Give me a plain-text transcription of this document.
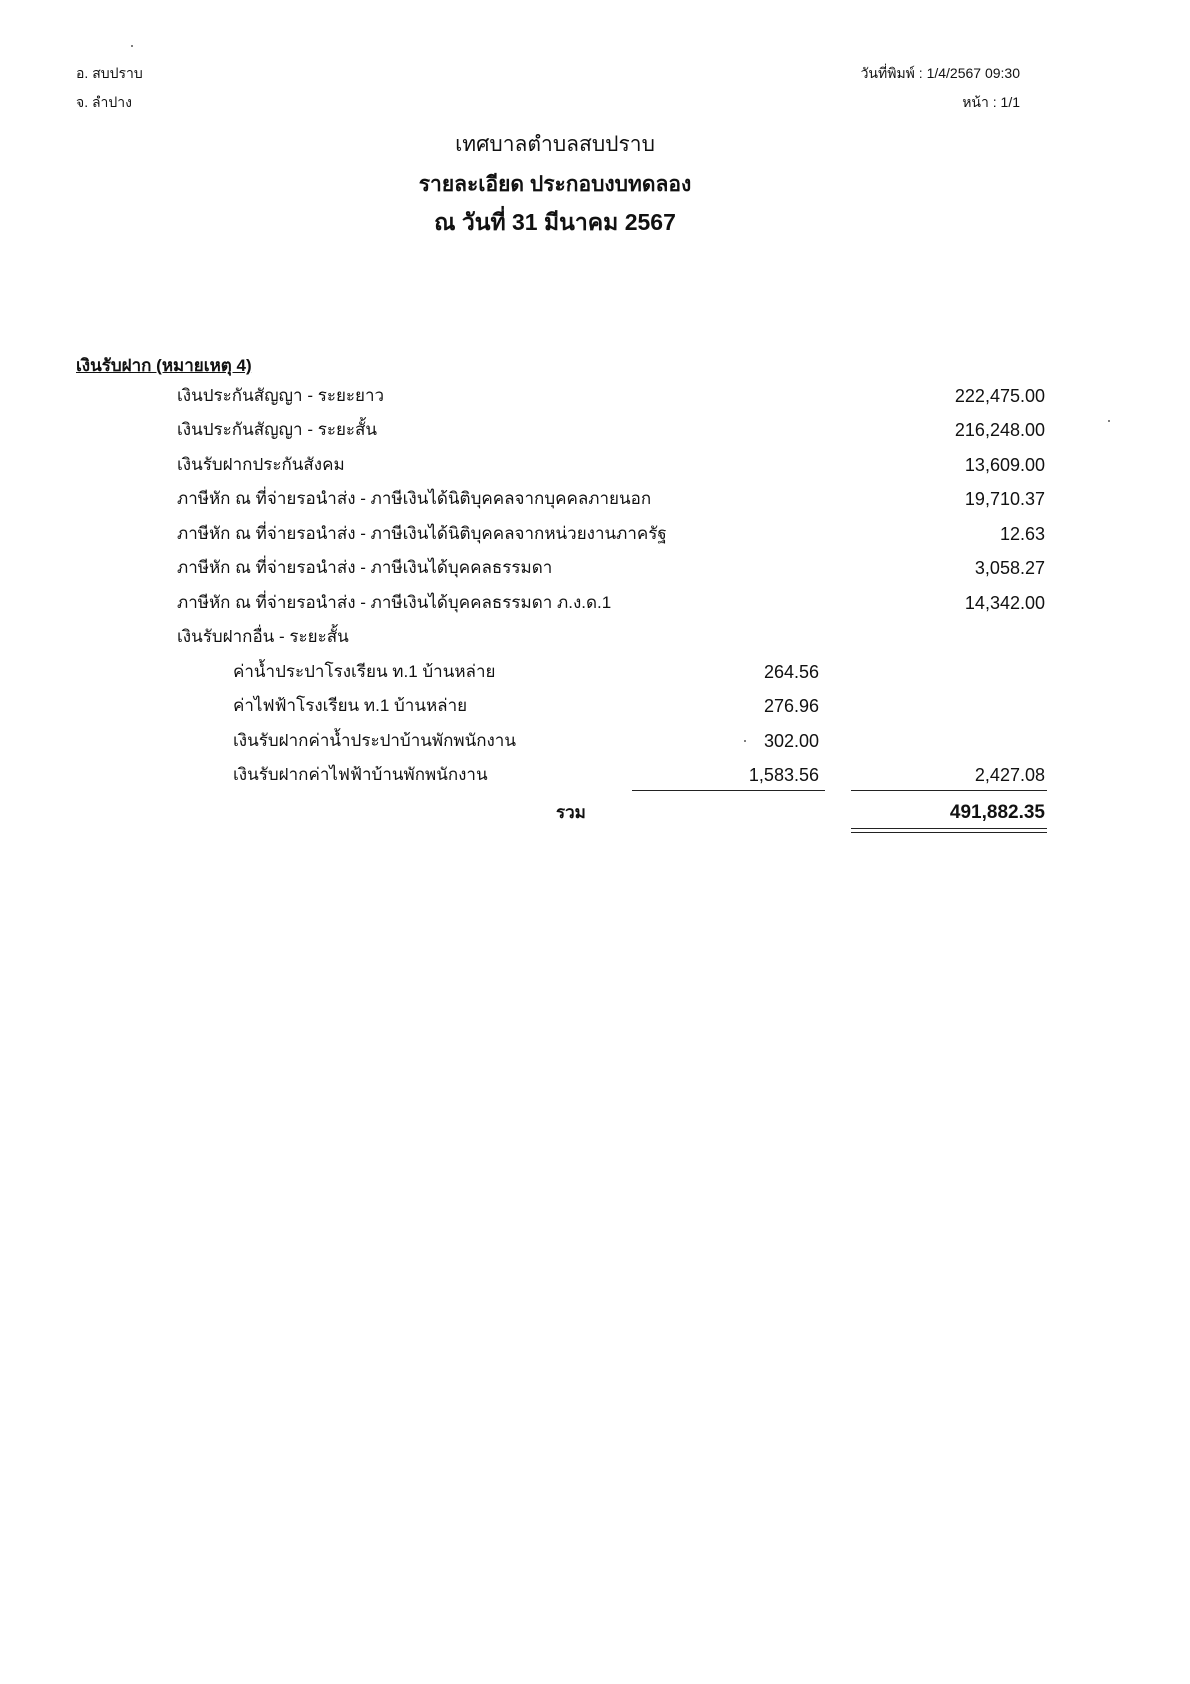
อ. สบปราบ
จ. ลำปาง
วันที่พิมพ์ : 1/4/2567 09:30
หน้า : 1/1
เทศบาลตำบลสบปราบ
รายละเอียด ประกอบงบทดลอง
ณ วันที่ 31 มีนาคม 2567
เงินรับฝาก (หมายเหตุ 4)
เงินประกันสัญญา - ระยะยาว	222,475.00
เงินประกันสัญญา - ระยะสั้น	216,248.00
เงินรับฝากประกันสังคม	13,609.00
ภาษีหัก ณ ที่จ่ายรอนำส่ง - ภาษีเงินได้นิติบุคคลจากบุคคลภายนอก	19,710.37
ภาษีหัก ณ ที่จ่ายรอนำส่ง - ภาษีเงินได้นิติบุคคลจากหน่วยงานภาครัฐ	12.63
ภาษีหัก ณ ที่จ่ายรอนำส่ง - ภาษีเงินได้บุคคลธรรมดา	3,058.27
ภาษีหัก ณ ที่จ่ายรอนำส่ง - ภาษีเงินได้บุคคลธรรมดา ภ.ง.ด.1	14,342.00
เงินรับฝากอื่น - ระยะสั้น
ค่าน้ำประปาโรงเรียน ท.1 บ้านหล่าย	264.56
ค่าไฟฟ้าโรงเรียน ท.1 บ้านหล่าย	276.96
เงินรับฝากค่าน้ำประปาบ้านพักพนักงาน	302.00
เงินรับฝากค่าไฟฟ้าบ้านพักพนักงาน	1,583.56	2,427.08
รวม	491,882.35
